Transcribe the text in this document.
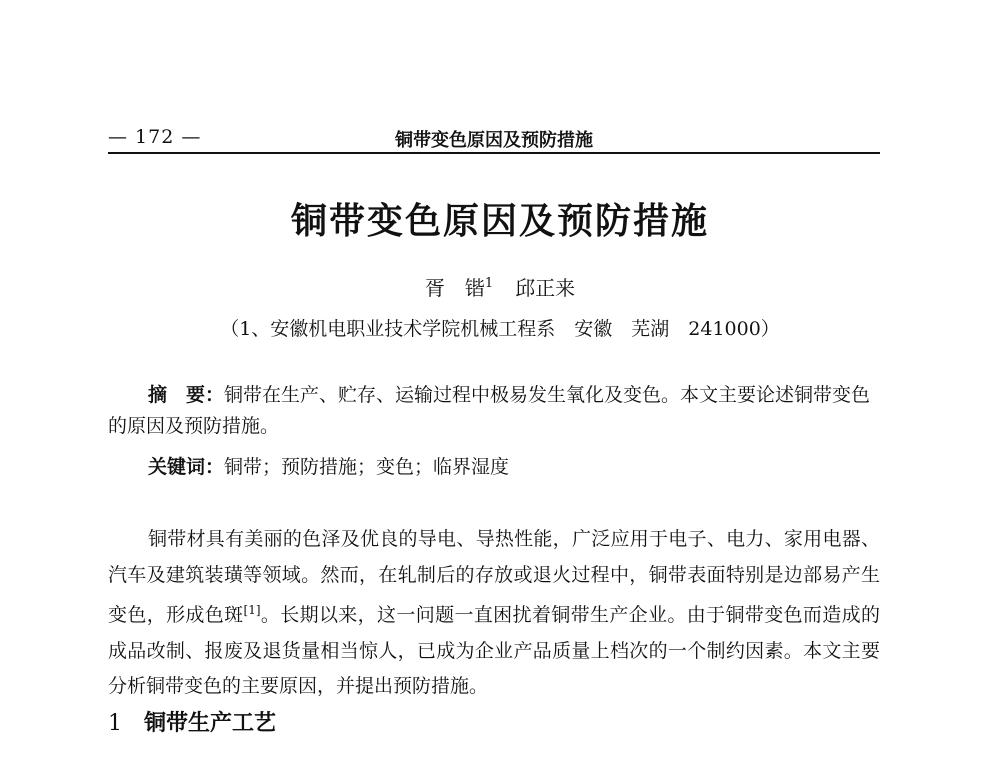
— 172 —	铜带变色原因及预防措施
铜带变色原因及预防措施
胥　锴$^1$ 邱正来
（1、安徽机电职业技术学院机械工程系　安徽　芜湖　241000）
摘　要：铜带在生产、贮存、运输过程中极易发生氧化及变色。本文主要论述铜带变色的原因及预防措施。
关键词：铜带；预防措施；变色；临界湿度
铜带材具有美丽的色泽及优良的导电、导热性能，广泛应用于电子、电力、家用电器、汽车及建筑装璜等领域。然而，在轧制后的存放或退火过程中，铜带表面特别是边部易产生变色，形成色斑[1]。长期以来，这一问题一直困扰着铜带生产企业。由于铜带变色而造成的成品改制、报废及退货量相当惊人，已成为企业产品质量上档次的一个制约因素。本文主要分析铜带变色的主要原因，并提出预防措施。
1 铜带生产工艺
